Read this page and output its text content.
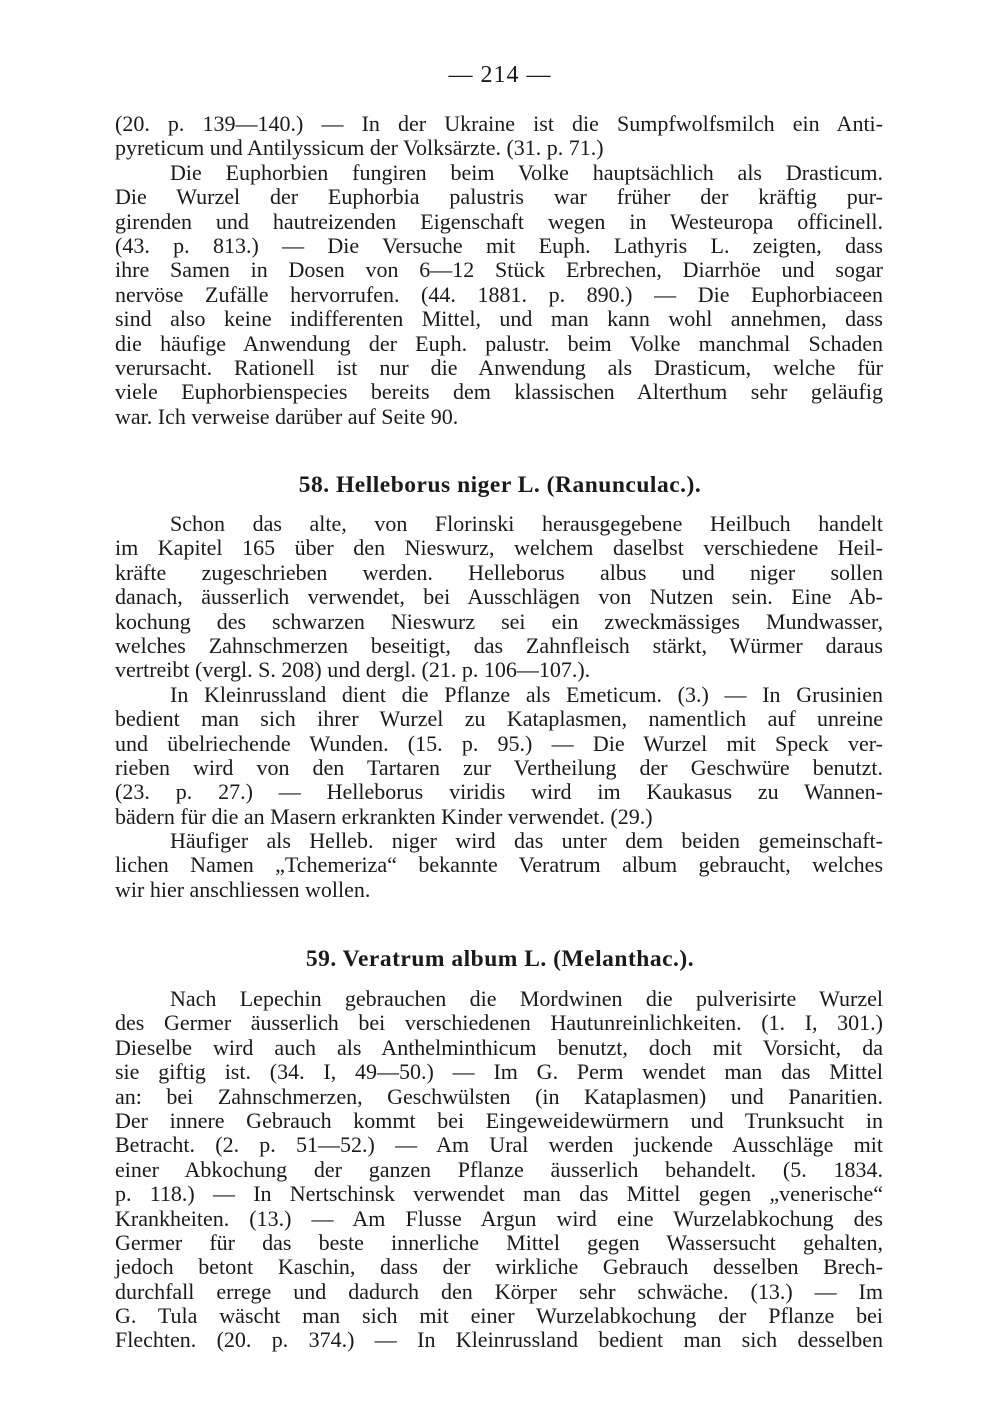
— 214 —
(20. p. 139—140.) — In der Ukraine ist die Sumpfwolfsmilch ein Anti-
pyreticum und Antilyssicum der Volksärzte. (31. p. 71.)
Die Euphorbien fungiren beim Volke hauptsächlich als Drasticum.
Die Wurzel der Euphorbia palustris war früher der kräftig pur-
girenden und hautreizenden Eigenschaft wegen in Westeuropa officinell.
(43. p. 813.) — Die Versuche mit Euph. Lathyris L. zeigten, dass
ihre Samen in Dosen von 6—12 Stück Erbrechen, Diarrhöe und sogar
nervöse Zufälle hervorrufen. (44. 1881. p. 890.) — Die Euphorbiaceen
sind also keine indifferenten Mittel, und man kann wohl annehmen, dass
die häufige Anwendung der Euph. palustr. beim Volke manchmal Schaden
verursacht. Rationell ist nur die Anwendung als Drasticum, welche für
viele Euphorbienspecies bereits dem klassischen Alterthum sehr geläufig
war. Ich verweise darüber auf Seite 90.
58. Helleborus niger L. (Ranunculac.).
Schon das alte, von Florinski herausgegebene Heilbuch handelt
im Kapitel 165 über den Nieswurz, welchem daselbst verschiedene Heil-
kräfte zugeschrieben werden. Helleborus albus und niger sollen
danach, äusserlich verwendet, bei Ausschlägen von Nutzen sein. Eine Ab-
kochung des schwarzen Nieswurz sei ein zweckmässiges Mundwasser,
welches Zahnschmerzen beseitigt, das Zahnfleisch stärkt, Würmer daraus
vertreibt (vergl. S. 208) und dergl. (21. p. 106—107.).
In Kleinrussland dient die Pflanze als Emeticum. (3.) — In Grusinien
bedient man sich ihrer Wurzel zu Kataplasmen, namentlich auf unreine
und übelriechende Wunden. (15. p. 95.) — Die Wurzel mit Speck ver-
rieben wird von den Tartaren zur Vertheilung der Geschwüre benutzt.
(23. p. 27.) — Helleborus viridis wird im Kaukasus zu Wannen-
bädern für die an Masern erkrankten Kinder verwendet. (29.)
Häufiger als Helleb. niger wird das unter dem beiden gemeinschaft-
lichen Namen „Tchemeriza“ bekannte Veratrum album gebraucht, welches
wir hier anschliessen wollen.
59. Veratrum album L. (Melanthac.).
Nach Lepechin gebrauchen die Mordwinen die pulverisirte Wurzel
des Germer äusserlich bei verschiedenen Hautunreinlichkeiten. (1. I, 301.)
Dieselbe wird auch als Anthelminthicum benutzt, doch mit Vorsicht, da
sie giftig ist. (34. I, 49—50.) — Im G. Perm wendet man das Mittel
an: bei Zahnschmerzen, Geschwülsten (in Kataplasmen) und Panaritien.
Der innere Gebrauch kommt bei Eingeweidewürmern und Trunksucht in
Betracht. (2. p. 51—52.) — Am Ural werden juckende Ausschläge mit
einer Abkochung der ganzen Pflanze äusserlich behandelt. (5. 1834.
p. 118.) — In Nertschinsk verwendet man das Mittel gegen „venerische“
Krankheiten. (13.) — Am Flusse Argun wird eine Wurzelabkochung des
Germer für das beste innerliche Mittel gegen Wassersucht gehalten,
jedoch betont Kaschin, dass der wirkliche Gebrauch desselben Brech-
durchfall errege und dadurch den Körper sehr schwäche. (13.) — Im
G. Tula wäscht man sich mit einer Wurzelabkochung der Pflanze bei
Flechten. (20. p. 374.) — In Kleinrussland bedient man sich desselben
